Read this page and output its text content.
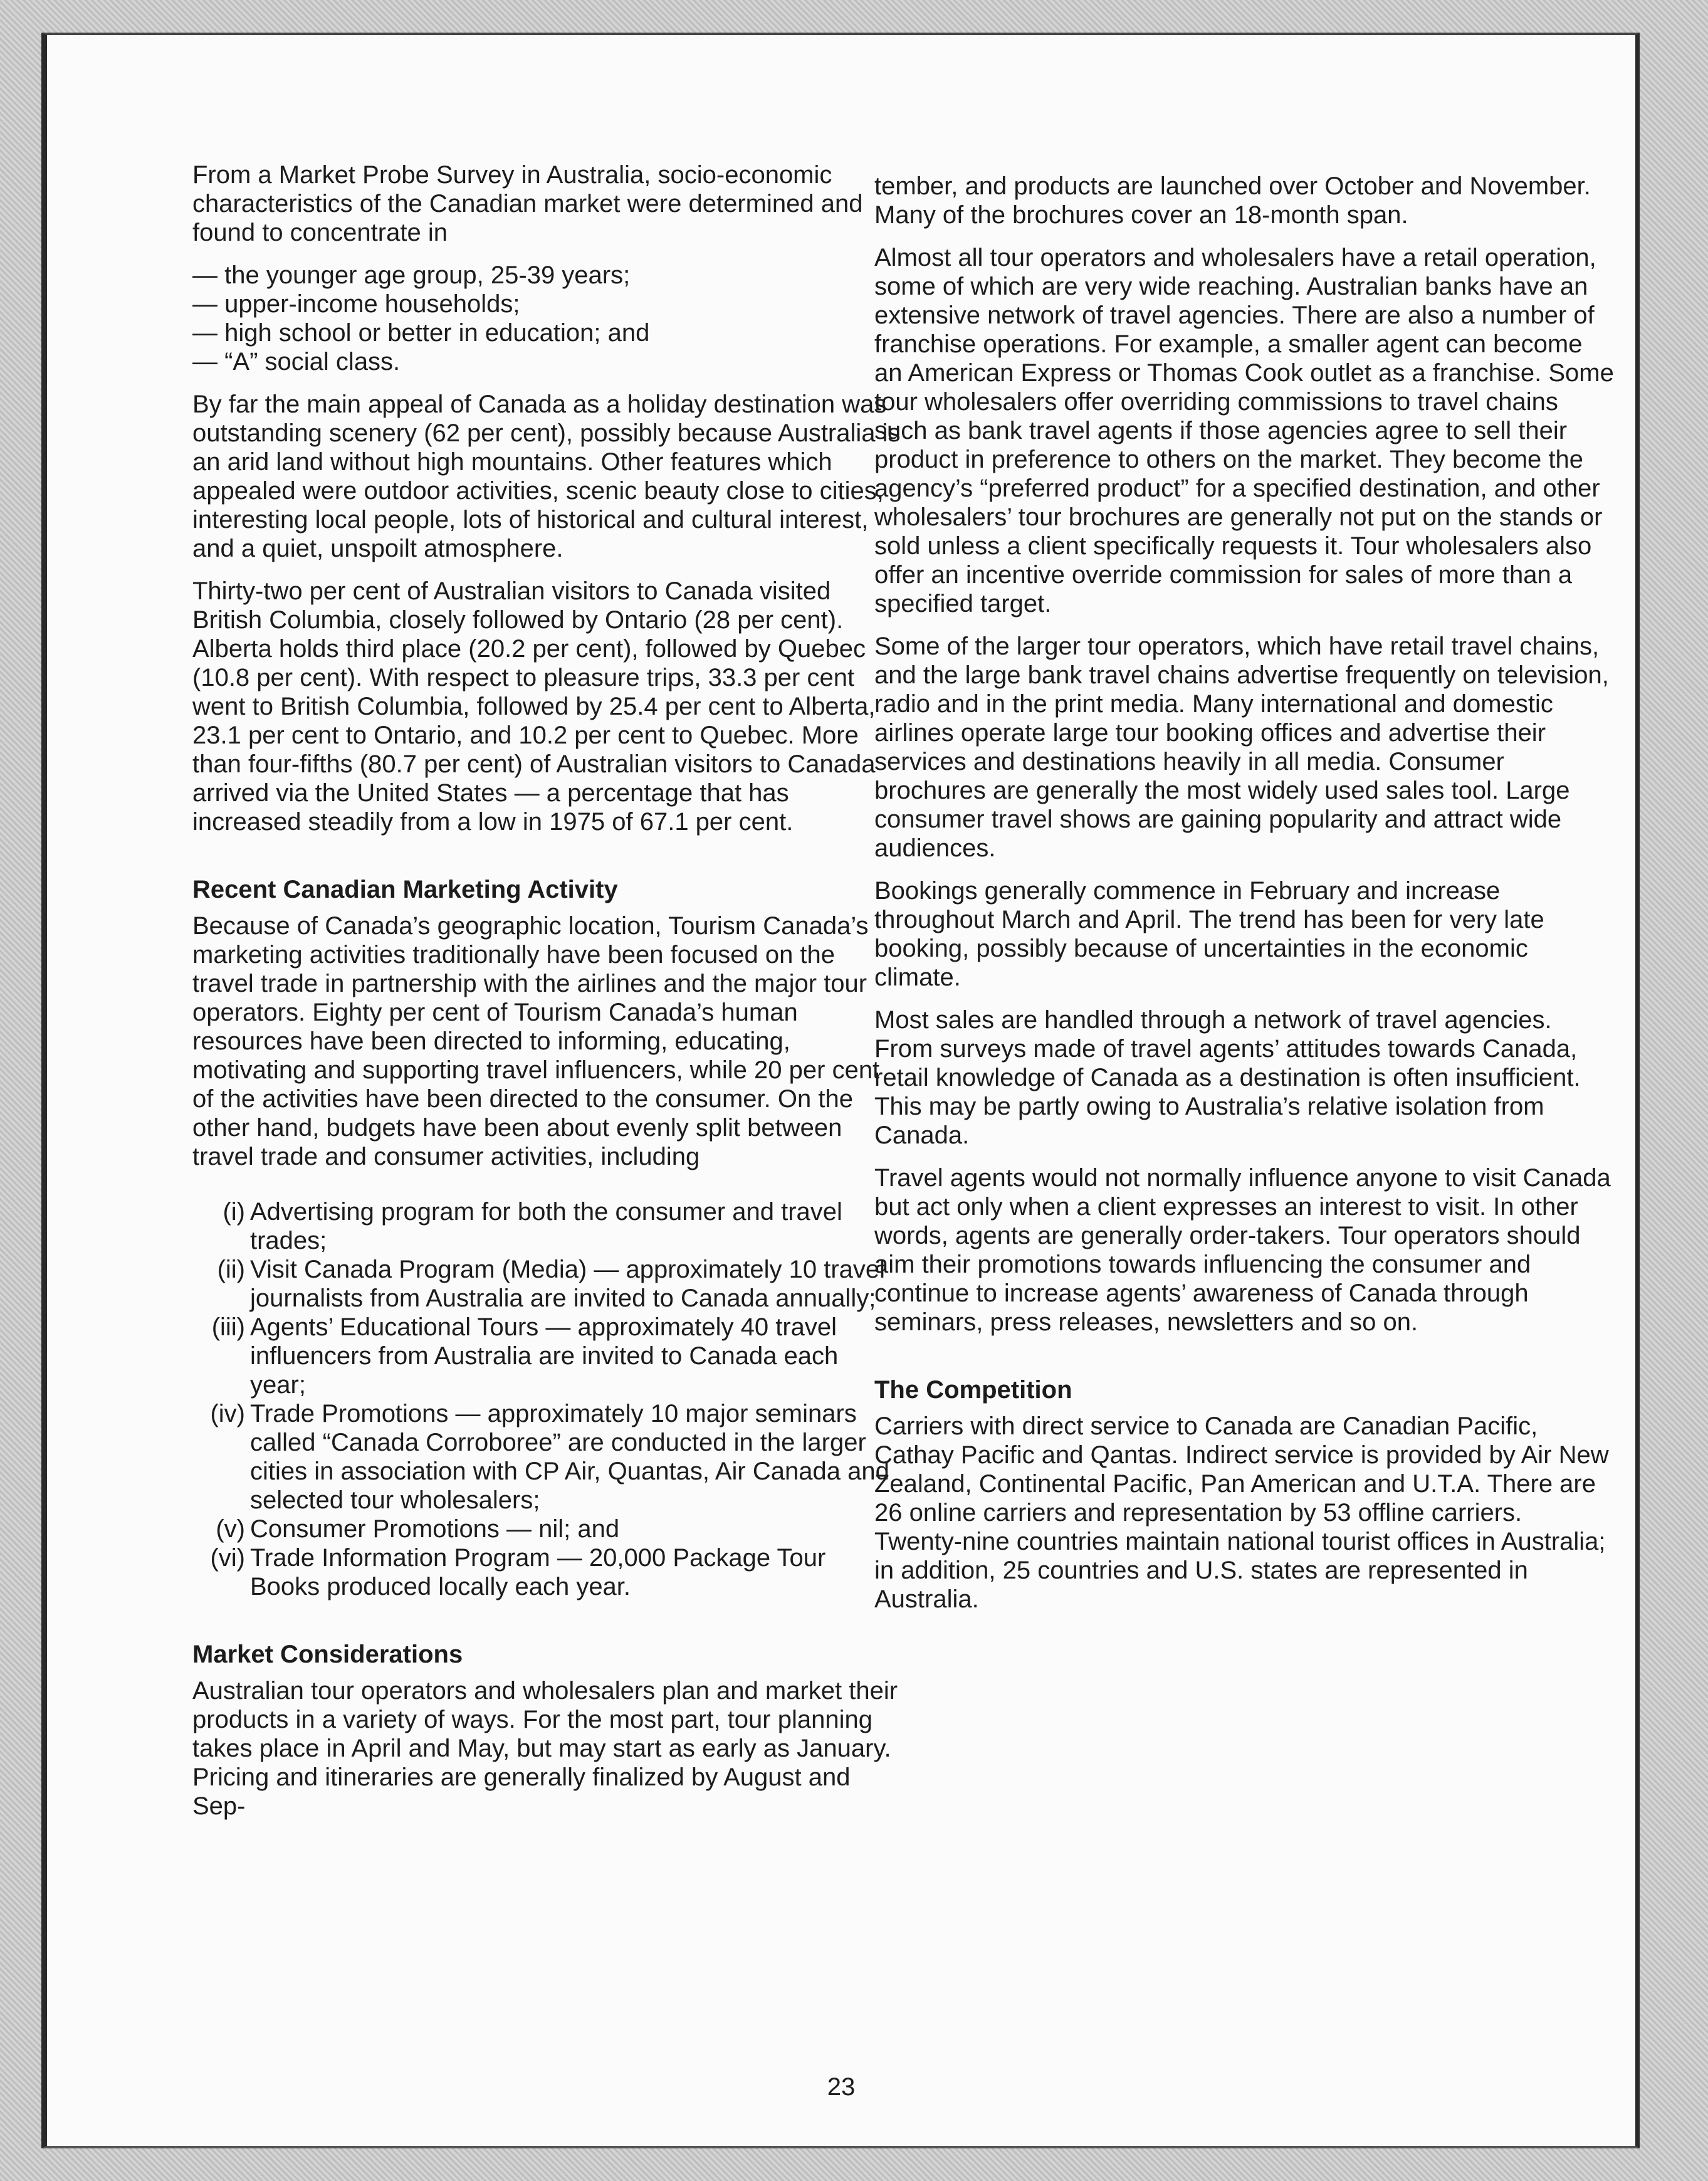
From a Market Probe Survey in Australia, socio-economic characteristics of the Canadian market were determined and found to concentrate in

— the younger age group, 25-39 years;
— upper-income households;
— high school or better in education; and
— “A” social class.

By far the main appeal of Canada as a holiday destination was outstanding scenery (62 per cent), possibly because Australia is an arid land without high mountains. Other features which appealed were outdoor activities, scenic beauty close to cities, interesting local people, lots of historical and cultural interest, and a quiet, unspoilt atmosphere.

Thirty-two per cent of Australian visitors to Canada visited British Columbia, closely followed by Ontario (28 per cent). Alberta holds third place (20.2 per cent), followed by Quebec (10.8 per cent). With respect to pleasure trips, 33.3 per cent went to British Columbia, followed by 25.4 per cent to Alberta, 23.1 per cent to Ontario, and 10.2 per cent to Quebec. More than four-fifths (80.7 per cent) of Australian visitors to Canada arrived via the United States — a percentage that has increased steadily from a low in 1975 of 67.1 per cent.

Recent Canadian Marketing Activity

Because of Canada’s geographic location, Tourism Canada’s marketing activities traditionally have been focused on the travel trade in partnership with the airlines and the major tour operators. Eighty per cent of Tourism Canada’s human resources have been directed to informing, educating, motivating and supporting travel influencers, while 20 per cent of the activities have been directed to the consumer. On the other hand, budgets have been about evenly split between travel trade and consumer activities, including

(i) Advertising program for both the consumer and travel trades;
(ii) Visit Canada Program (Media) — approximately 10 travel journalists from Australia are invited to Canada annually;
(iii) Agents’ Educational Tours — approximately 40 travel influencers from Australia are invited to Canada each year;
(iv) Trade Promotions — approximately 10 major seminars called “Canada Corroboree” are conducted in the larger cities in association with CP Air, Quantas, Air Canada and selected tour wholesalers;
(v) Consumer Promotions — nil; and
(vi) Trade Information Program — 20,000 Package Tour Books produced locally each year.
Market Considerations

Australian tour operators and wholesalers plan and market their products in a variety of ways. For the most part, tour planning takes place in April and May, but may start as early as January. Pricing and itineraries are generally finalized by August and Sep-

tember, and products are launched over October and November. Many of the brochures cover an 18-month span.

Almost all tour operators and wholesalers have a retail operation, some of which are very wide reaching. Australian banks have an extensive network of travel agencies. There are also a number of franchise operations. For example, a smaller agent can become an American Express or Thomas Cook outlet as a franchise. Some tour wholesalers offer overriding commissions to travel chains such as bank travel agents if those agencies agree to sell their product in preference to others on the market. They become the agency’s “preferred product” for a specified destination, and other wholesalers’ tour brochures are generally not put on the stands or sold unless a client specifically requests it. Tour wholesalers also offer an incentive override commission for sales of more than a specified target.

Some of the larger tour operators, which have retail travel chains, and the large bank travel chains advertise frequently on television, radio and in the print media. Many international and domestic airlines operate large tour booking offices and advertise their services and destinations heavily in all media. Consumer brochures are generally the most widely used sales tool. Large consumer travel shows are gaining popularity and attract wide audiences.

Bookings generally commence in February and increase throughout March and April. The trend has been for very late booking, possibly because of uncertainties in the economic climate.

Most sales are handled through a network of travel agencies. From surveys made of travel agents’ attitudes towards Canada, retail knowledge of Canada as a destination is often insufficient. This may be partly owing to Australia’s relative isolation from Canada.

Travel agents would not normally influence anyone to visit Canada but act only when a client expresses an interest to visit. In other words, agents are generally order-takers. Tour operators should aim their promotions towards influencing the consumer and continue to increase agents’ awareness of Canada through seminars, press releases, newsletters and so on.

The Competition

Carriers with direct service to Canada are Canadian Pacific, Cathay Pacific and Qantas. Indirect service is provided by Air New Zealand, Continental Pacific, Pan American and U.T.A. There are 26 online carriers and representation by 53 offline carriers. Twenty-nine countries maintain national tourist offices in Australia; in addition, 25 countries and U.S. states are represented in Australia.

23
